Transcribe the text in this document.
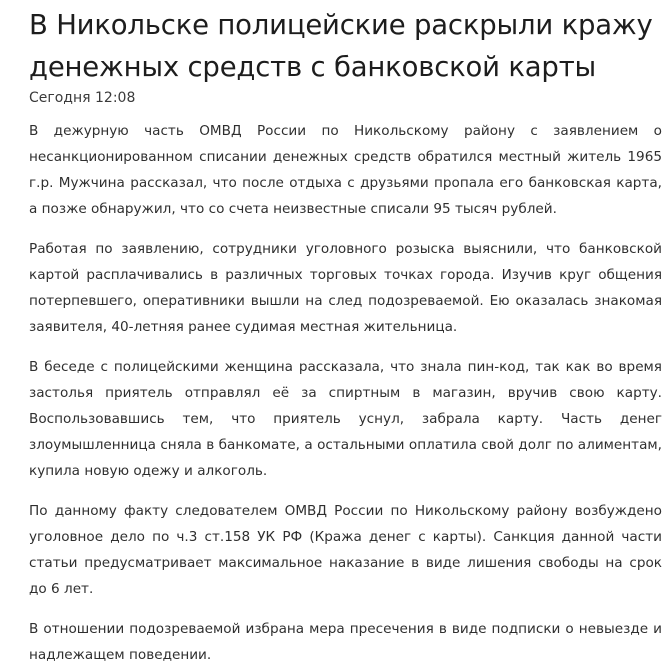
В Никольске полицейские раскрыли кражу денежных средств с банковской карты
Сегодня 12:08

В дежурную часть ОМВД России по Никольскому району с заявлением о несанкционированном списании денежных средств обратился местный житель 1965 г.р. Мужчина рассказал, что после отдыха с друзьями пропала его банковская карта, а позже обнаружил, что со счета неизвестные списали 95 тысяч рублей.

Работая по заявлению, сотрудники уголовного розыска выяснили, что банковской картой расплачивались в различных торговых точках города. Изучив круг общения потерпевшего, оперативники вышли на след подозреваемой. Ею оказалась знакомая заявителя, 40-летняя ранее судимая местная жительница.

В беседе с полицейскими женщина рассказала, что знала пин-код, так как во время застолья приятель отправлял её за спиртным в магазин, вручив свою карту. Воспользовавшись тем, что приятель уснул, забрала карту. Часть денег злоумышленница сняла в банкомате, а остальными оплатила свой долг по алиментам, купила новую одежу и алкоголь.

По данному факту следователем ОМВД России по Никольскому району возбуждено уголовное дело по ч.3 ст.158 УК РФ (Кража денег с карты). Санкция данной части статьи предусматривает максимальное наказание в виде лишения свободы на срок до 6 лет.

В отношении подозреваемой избрана мера пресечения в виде подписки о невыезде и надлежащем поведении.
